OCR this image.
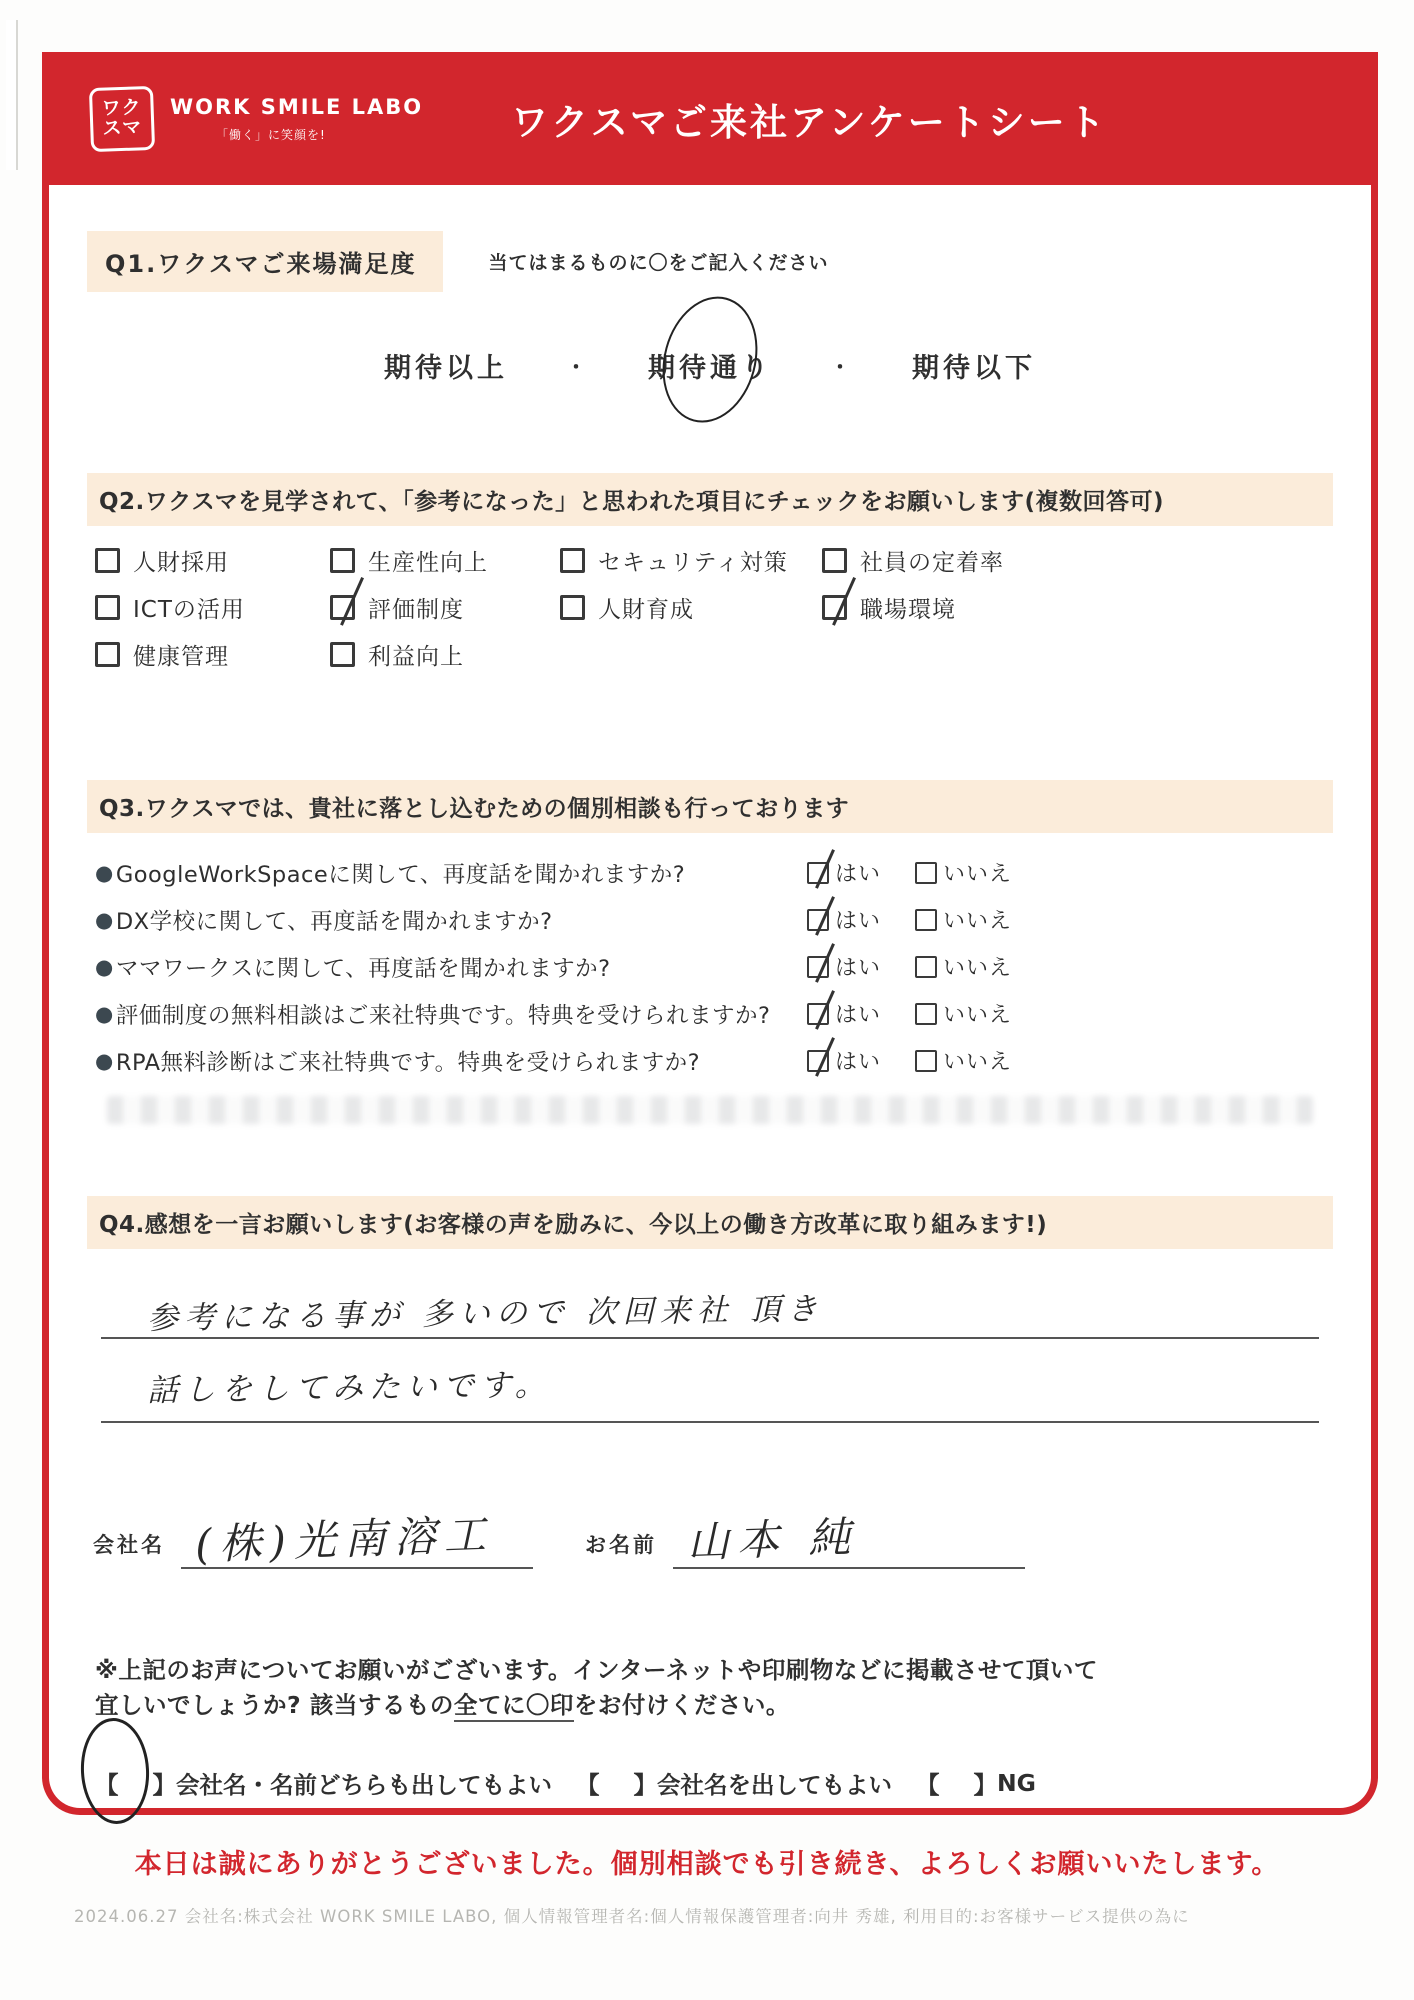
ワク
スマ
WORK SMILE LABO
「働く」に笑顔を!	ワクスマご来社アンケートシート
Q1.ワクスマご来場満足度	当てはまるものに〇をご記入ください
期待以上	・ 期待通り	・ 期待以下
Q2.ワクスマを見学されて、「参考になった」と思われた項目にチェックをお願いします(複数回答可)
人財採用	生産性向上	セキュリティ対策	社員の定着率
ICTの活用	評価制度	人財育成	職場環境
健康管理	利益向上
Q3.ワクスマでは、貴社に落とし込むための個別相談も行っております
● GoogleWorkSpaceに関して、再度話を聞かれますか?	はい	いいえ
● DX学校に関して、再度話を聞かれますか?	はい	いいえ
● ママワークスに関して、再度話を聞かれますか?	はい	いいえ
● 評価制度の無料相談はご来社特典です。特典を受けられますか?	はい	いいえ
● RPA無料診断はご来社特典です。特典を受けられますか?	はい	いいえ
Q4.感想を一言お願いします(お客様の声を励みに、今以上の働き方改革に取り組みます!)
参考になる事が 多いので 次回来社 頂き
話しをしてみたいです。
会社名 (株)光南溶工	お名前 山本 純
※上記のお声についてお願いがございます。インターネットや印刷物などに掲載させて頂いて
宜しいでしょうか? 該当するもの全てに〇印をお付けください。
【 】 会社名・名前どちらも出してもよい 【 】 会社名を出してもよい 【 】 NG
本日は誠にありがとうございました。個別相談でも引き続き、よろしくお願いいたします。
2024.06.27 会社名:株式会社 WORK SMILE LABO, 個人情報管理者名:個人情報保護管理者:向井 秀雄, 利用目的:お客様サービス提供の為に
